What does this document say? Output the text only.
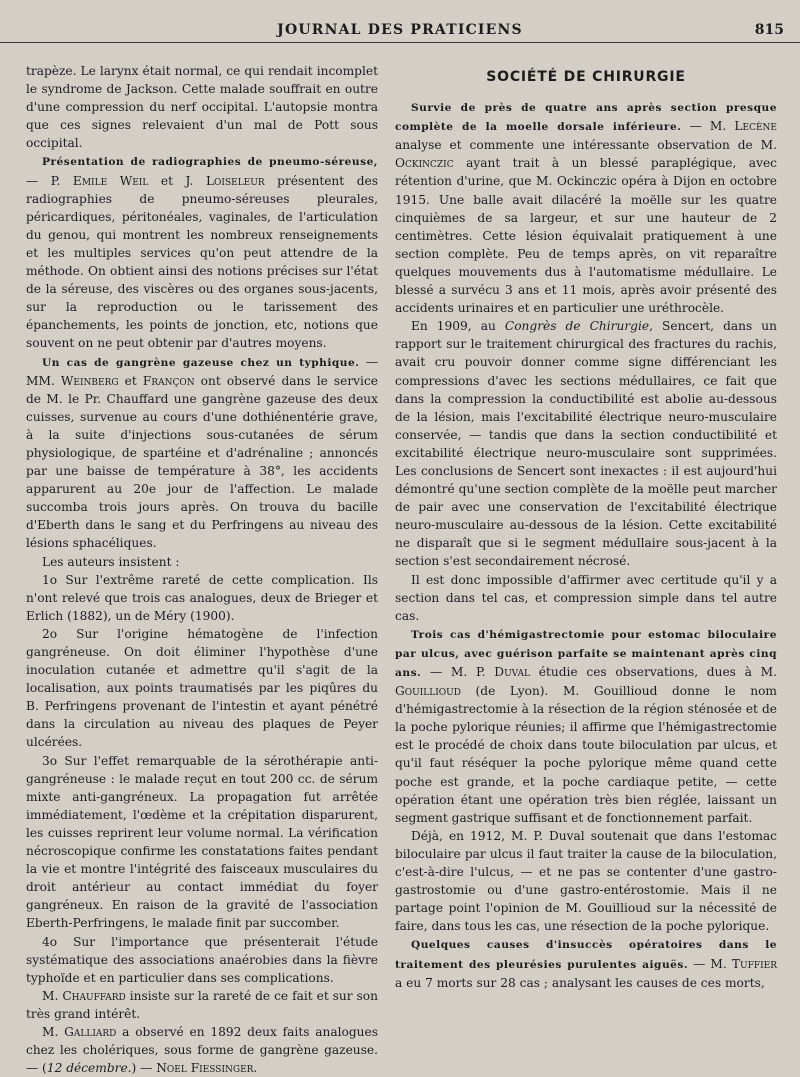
JOURNAL DES PRATICIENS	815

trapèze. Le larynx était normal, ce qui rendait incomplet le syndrome de Jackson. Cette malade souffrait en outre d'une compression du nerf occipital. L'autopsie montra que ces signes relevaient d'un mal de Pott sous occipital.

Présentation de radiographies de pneumo-séreuse, — P. Emile Weil et J. Loiseleur présentent des radiographies de pneumo-séreuses pleurales, péricardiques, péritonéales, vaginales, de l'articulation du genou, qui montrent les nombreux renseignements et les multiples services qu'on peut attendre de la méthode. On obtient ainsi des notions précises sur l'état de la séreuse, des viscères ou des organes sous-jacents, sur la reproduction ou le tarissement des épanchements, les points de jonction, etc, notions que souvent on ne peut obtenir par d'autres moyens.

Un cas de gangrène gazeuse chez un typhique. — MM. Weinberg et Françon ont observé dans le service de M. le Pr. Chauffard une gangrène gazeuse des deux cuisses, survenue au cours d'une dothiénentérie grave, à la suite d'injections sous-cutanées de sérum physiologique, de spartéine et d'adrénaline ; annoncés par une baisse de température à 38°, les accidents apparurent au 20e jour de l'affection. Le malade succomba trois jours après. On trouva du bacille d'Eberth dans le sang et du Perfringens au niveau des lésions sphacéliques.

Les auteurs insistent :

1o Sur l'extrême rareté de cette complication. Ils n'ont relevé que trois cas analogues, deux de Brieger et Erlich (1882), un de Méry (1900).

2o Sur l'origine hématogène de l'infection gangréneuse. On doit éliminer l'hypothèse d'une inoculation cutanée et admettre qu'il s'agit de la localisation, aux points traumatisés par les piqûres du B. Perfringens provenant de l'intestin et ayant pénétré dans la circulation au niveau des plaques de Peyer ulcérées.

3o Sur l'effet remarquable de la sérothérapie anti-gangréneuse : le malade reçut en tout 200 cc. de sérum mixte anti-gangréneux. La propagation fut arrêtée immédiatement, l'œdème et la crépitation disparurent, les cuisses reprirent leur volume normal. La vérification nécroscopique confirme les constatations faites pendant la vie et montre l'intégrité des faisceaux musculaires du droit antérieur au contact immédiat du foyer gangréneux. En raison de la gravité de l'association Eberth-Perfringens, le malade finit par succomber.

4o Sur l'importance que présenterait l'étude systématique des associations anaérobies dans la fièvre typhoïde et en particulier dans ses complications.

M. Chauffard insiste sur la rareté de ce fait et sur son très grand intérêt.

M. Galliard a observé en 1892 deux faits analogues chez les cholériques, sous forme de gangrène gazeuse. — (12 décembre.) — Noel Fiessinger.

SOCIÉTÉ DE CHIRURGIE

Survie de près de quatre ans après section presque complète de la moelle dorsale inférieure. — M. Lecène analyse et commente une intéressante observation de M. Ockinczic ayant trait à un blessé paraplégique, avec rétention d'urine, que M. Ockinczic opéra à Dijon en octobre 1915. Une balle avait dilacéré la moëlle sur les quatre cinquièmes de sa largeur, et sur une hauteur de 2 centimètres. Cette lésion équivalait pratiquement à une section complète. Peu de temps après, on vit reparaître quelques mouvements dus à l'automatisme médullaire. Le blessé a survécu 3 ans et 11 mois, après avoir présenté des accidents urinaires et en particulier une uréthrocèle.

En 1909, au Congrès de Chirurgie, Sencert, dans un rapport sur le traitement chirurgical des fractures du rachis, avait cru pouvoir donner comme signe différenciant les compressions d'avec les sections médullaires, ce fait que dans la compression la conductibilité est abolie au-dessous de la lésion, mais l'excitabilité électrique neuro-musculaire conservée, — tandis que dans la section conductibilité et excitabilité électrique neuro-musculaire sont supprimées. Les conclusions de Sencert sont inexactes : il est aujourd'hui démontré qu'une section complète de la moëlle peut marcher de pair avec une conservation de l'excitabilité électrique neuro-musculaire au-dessous de la lésion. Cette excitabilité ne disparaît que si le segment médullaire sous-jacent à la section s'est secondairement nécrosé.

Il est donc impossible d'affirmer avec certitude qu'il y a section dans tel cas, et compression simple dans tel autre cas.

Trois cas d'hémigastrectomie pour estomac biloculaire par ulcus, avec guérison parfaite se maintenant après cinq ans. — M. P. Duval étudie ces observations, dues à M. Gouillioud (de Lyon). M. Gouillioud donne le nom d'hémigastrectomie à la résection de la région sténosée et de la poche pylorique réunies; il affirme que l'hémigastrectomie est le procédé de choix dans toute biloculation par ulcus, et qu'il faut réséquer la poche pylorique même quand cette poche est grande, et la poche cardiaque petite, — cette opération étant une opération très bien réglée, laissant un segment gastrique suffisant et de fonctionnement parfait.

Déjà, en 1912, M. P. Duval soutenait que dans l'estomac biloculaire par ulcus il faut traiter la cause de la biloculation, c'est-à-dire l'ulcus, — et ne pas se contenter d'une gastro-gastrostomie ou d'une gastro-entérostomie. Mais il ne partage point l'opinion de M. Gouillioud sur la nécessité de faire, dans tous les cas, une résection de la poche pylorique.

Quelques causes d'insuccès opératoires dans le traitement des pleurésies purulentes aiguës. — M. Tuffier a eu 7 morts sur 28 cas ; analysant les causes de ces morts,
